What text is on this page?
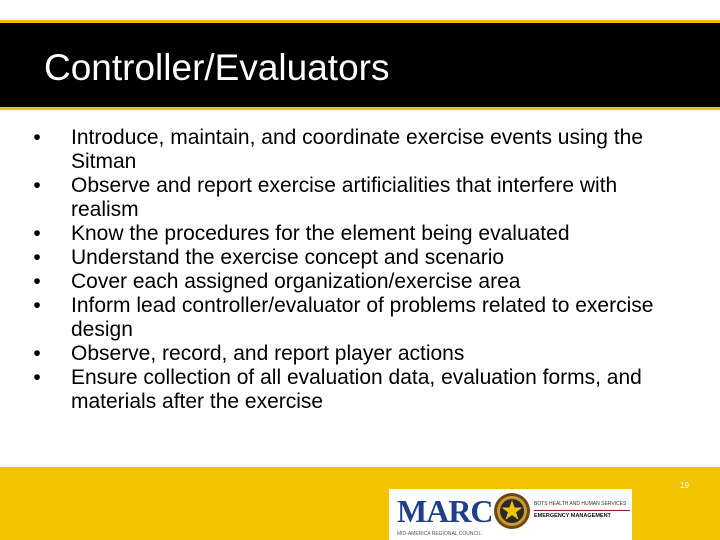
Controller/Evaluators
• Introduce, maintain, and coordinate exercise events using the Sitman
• Observe and report exercise artificialities that interfere with realism
• Know the procedures for the element being evaluated
• Understand the exercise concept and scenario
• Cover each assigned organization/exercise area
• Inform lead controller/evaluator of problems related to exercise design
• Observe, record, and report player actions
• Ensure collection of all evaluation data, evaluation forms, and materials after the exercise
MARC
MID-AMERICA REGIONAL COUNCIL
BOTS HEALTH AND HUMAN SERVICES
EMERGENCY MANAGEMENT
19
